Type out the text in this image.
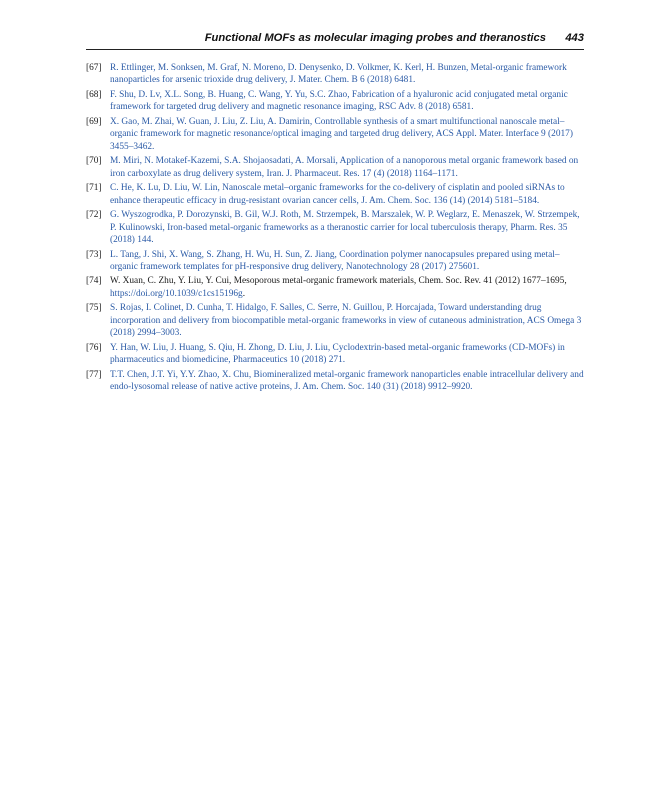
Functional MOFs as molecular imaging probes and theranostics 443
[67] R. Ettlinger, M. Sonksen, M. Graf, N. Moreno, D. Denysenko, D. Volkmer, K. Kerl, H. Bunzen, Metal-organic framework nanoparticles for arsenic trioxide drug delivery, J. Mater. Chem. B 6 (2018) 6481.
[68] F. Shu, D. Lv, X.L. Song, B. Huang, C. Wang, Y. Yu, S.C. Zhao, Fabrication of a hyaluronic acid conjugated metal organic framework for targeted drug delivery and magnetic resonance imaging, RSC Adv. 8 (2018) 6581.
[69] X. Gao, M. Zhai, W. Guan, J. Liu, Z. Liu, A. Damirin, Controllable synthesis of a smart multifunctional nanoscale metal–organic framework for magnetic resonance/optical imaging and targeted drug delivery, ACS Appl. Mater. Interface 9 (2017) 3455–3462.
[70] M. Miri, N. Motakef-Kazemi, S.A. Shojaosadati, A. Morsali, Application of a nanoporous metal organic framework based on iron carboxylate as drug delivery system, Iran. J. Pharmaceut. Res. 17 (4) (2018) 1164–1171.
[71] C. He, K. Lu, D. Liu, W. Lin, Nanoscale metal–organic frameworks for the co-delivery of cisplatin and pooled siRNAs to enhance therapeutic efficacy in drug-resistant ovarian cancer cells, J. Am. Chem. Soc. 136 (14) (2014) 5181–5184.
[72] G. Wyszogrodka, P. Dorozynski, B. Gil, W.J. Roth, M. Strzempek, B. Marszalek, W. P. Weglarz, E. Menaszek, W. Strzempek, P. Kulinowski, Iron-based metal-organic frameworks as a theranostic carrier for local tuberculosis therapy, Pharm. Res. 35 (2018) 144.
[73] L. Tang, J. Shi, X. Wang, S. Zhang, H. Wu, H. Sun, Z. Jiang, Coordination polymer nanocapsules prepared using metal–organic framework templates for pH-responsive drug delivery, Nanotechnology 28 (2017) 275601.
[74] W. Xuan, C. Zhu, Y. Liu, Y. Cui, Mesoporous metal-organic framework materials, Chem. Soc. Rev. 41 (2012) 1677–1695, https://doi.org/10.1039/c1cs15196g.
[75] S. Rojas, I. Colinet, D. Cunha, T. Hidalgo, F. Salles, C. Serre, N. Guillou, P. Horcajada, Toward understanding drug incorporation and delivery from biocompatible metal-organic frameworks in view of cutaneous administration, ACS Omega 3 (2018) 2994–3003.
[76] Y. Han, W. Liu, J. Huang, S. Qiu, H. Zhong, D. Liu, J. Liu, Cyclodextrin-based metal-organic frameworks (CD-MOFs) in pharmaceutics and biomedicine, Pharmaceutics 10 (2018) 271.
[77] T.T. Chen, J.T. Yi, Y.Y. Zhao, X. Chu, Biomineralized metal-organic framework nanoparticles enable intracellular delivery and endo-lysosomal release of native active proteins, J. Am. Chem. Soc. 140 (31) (2018) 9912–9920.
